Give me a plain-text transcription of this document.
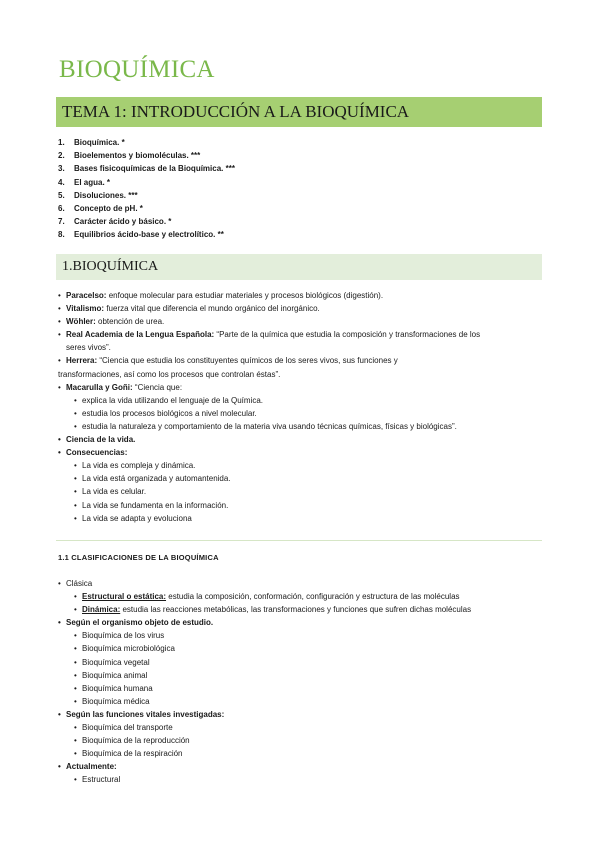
BIOQUÍMICA
TEMA 1: INTRODUCCIÓN A LA BIOQUÍMICA
1. Bioquímica. *
2. Bioelementos y biomoléculas. ***
3. Bases fisicoquímicas de la Bioquímica. ***
4. El agua. *
5. Disoluciones. ***
6. Concepto de pH. *
7. Carácter ácido y básico. *
8. Equilibrios ácido-base y electrolítico. **
1.BIOQUÍMICA
• Paracelso: enfoque molecular para estudiar materiales y procesos biológicos (digestión).
• Vitalismo: fuerza vital que diferencia el mundo orgánico del inorgánico.
• Wöhler: obtención de urea.
• Real Academia de la Lengua Española: “Parte de la química que estudia la composición y transformaciones de los
seres vivos”.
• Herrera: “Ciencia que estudia los constituyentes químicos de los seres vivos, sus funciones y
transformaciones, así como los procesos que controlan éstas”.
• Macarulla y Goñi: “Ciencia que:
• explica la vida utilizando el lenguaje de la Química.
• estudia los procesos biológicos a nivel molecular.
• estudia la naturaleza y comportamiento de la materia viva usando técnicas químicas, físicas y biológicas”.
• Ciencia de la vida.
• Consecuencias:
• La vida es compleja y dinámica.
• La vida está organizada y automantenida.
• La vida es celular.
• La vida se fundamenta en la información.
• La vida se adapta y evoluciona
1.1 CLASIFICACIONES DE LA BIOQUÍMICA
• Clásica
• Estructural o estática: estudia la composición, conformación, configuración y estructura de las moléculas
• Dinámica: estudia las reacciones metabólicas, las transformaciones y funciones que sufren dichas moléculas
• Según el organismo objeto de estudio.
• Bioquímica de los virus
• Bioquímica microbiológica
• Bioquímica vegetal
• Bioquímica animal
• Bioquímica humana
• Bioquímica médica
• Según las funciones vitales investigadas:
• Bioquímica del transporte
• Bioquímica de la reproducción
• Bioquímica de la respiración
• Actualmente:
• Estructural
